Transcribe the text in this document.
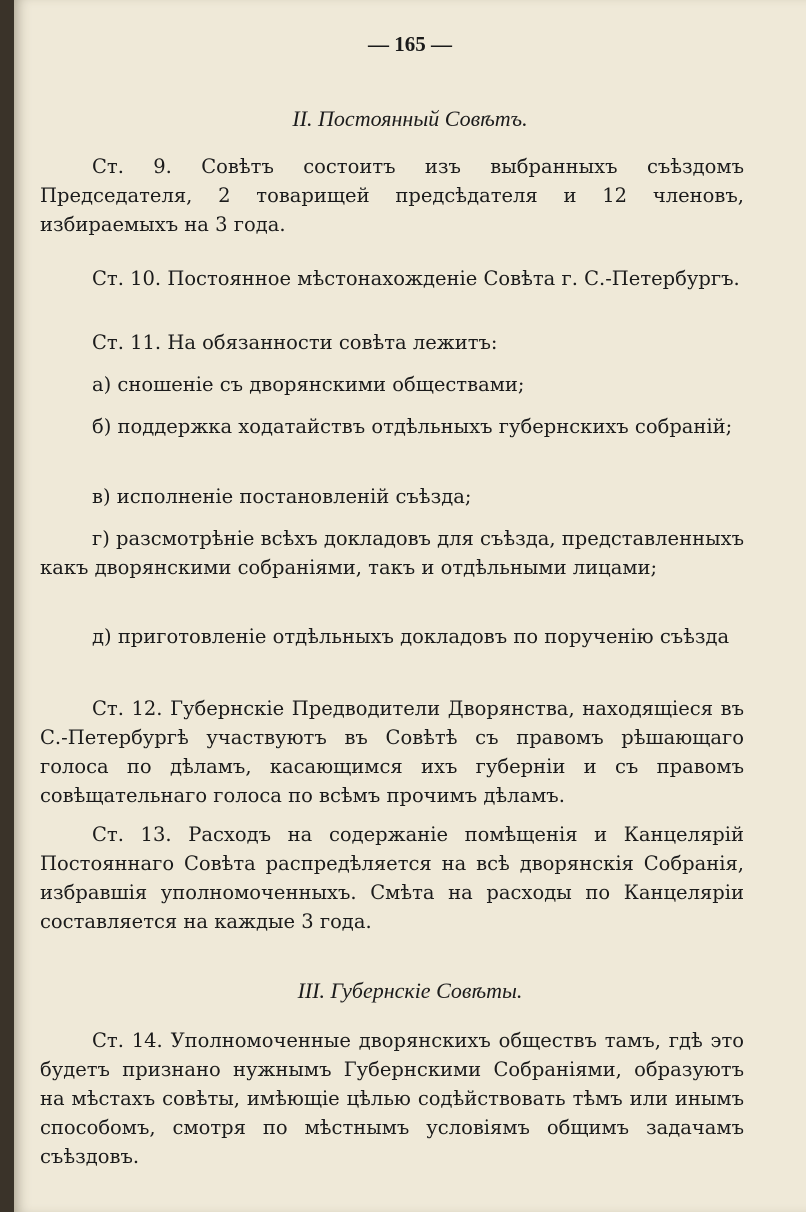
— 165 —
II. Постоянный Совѣтъ.
Ст. 9. Совѣтъ состоитъ изъ выбранныхъ съѣздомъ Председателя, 2 товарищей предсѣдателя и 12 членовъ, избираемыхъ на 3 года.
Ст. 10. Постоянное мѣстонахожденіе Совѣта г. С.-Петербургъ.
Ст. 11. На обязанности совѣта лежитъ:
а) сношеніе съ дворянскими обществами;
б) поддержка ходатайствъ отдѣльныхъ губернскихъ собраній;
в) исполненіе постановленій съѣзда;
г) разсмотрѣніе всѣхъ докладовъ для съѣзда, представленныхъ какъ дворянскими собраніями, такъ и отдѣльными лицами;
д) приготовленіе отдѣльныхъ докладовъ по порученію съѣзда
Ст. 12. Губернскіе Предводители Дворянства, находящіеся въ С.-Петербургѣ участвуютъ въ Совѣтѣ съ правомъ рѣшающаго голоса по дѣламъ, касающимся ихъ губерніи и съ правомъ совѣщательнаго голоса по всѣмъ прочимъ дѣламъ.
Ст. 13. Расходъ на содержаніе помѣщенія и Канцелярій Постояннаго Совѣта распредѣляется на всѣ дворянскія Собранія, избравшія уполномоченныхъ. Смѣта на расходы по Канцеляріи составляется на каждые 3 года.
III. Губернскіе Совѣты.
Ст. 14. Уполномоченные дворянскихъ обществъ тамъ, гдѣ это будетъ признано нужнымъ Губернскими Собраніями, образуютъ на мѣстахъ совѣты, имѣющіе цѣлью содѣйствовать тѣмъ или инымъ способомъ, смотря по мѣстнымъ условіямъ общимъ задачамъ съѣздовъ.
